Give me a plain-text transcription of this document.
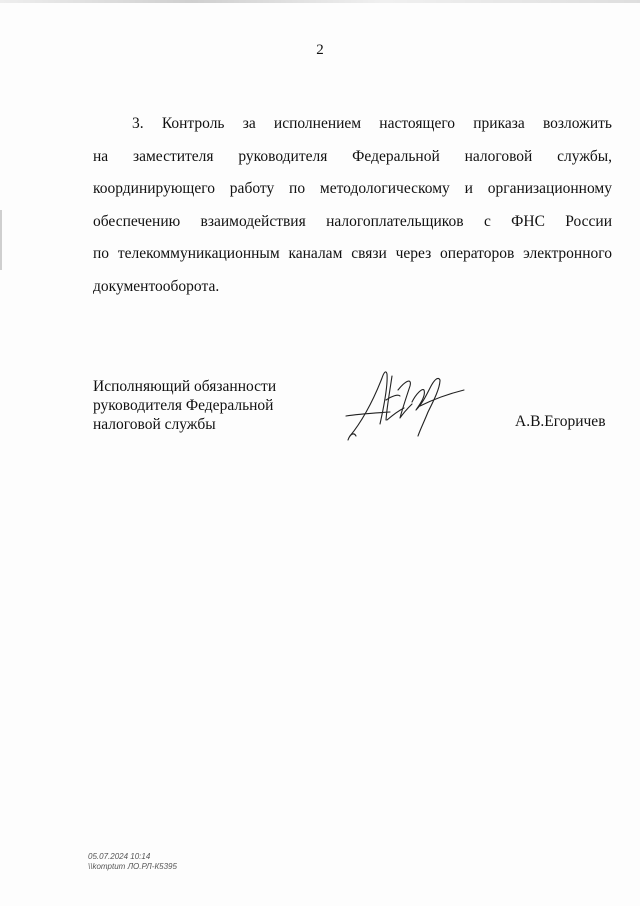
2
3. Контроль за исполнением настоящего приказа возложить
на заместителя руководителя Федеральной налоговой службы,
координирующего работу по методологическому и организационному
обеспечению взаимодействия налогоплательщиков с ФНС России
по телекоммуникационным каналам связи через операторов электронного
документооборота.
Исполняющий обязанности
руководителя Федеральной
налоговой службы	А.В.Егоричев
05.07.2024 10:14
\\komptum ЛО.РЛ-К5395
